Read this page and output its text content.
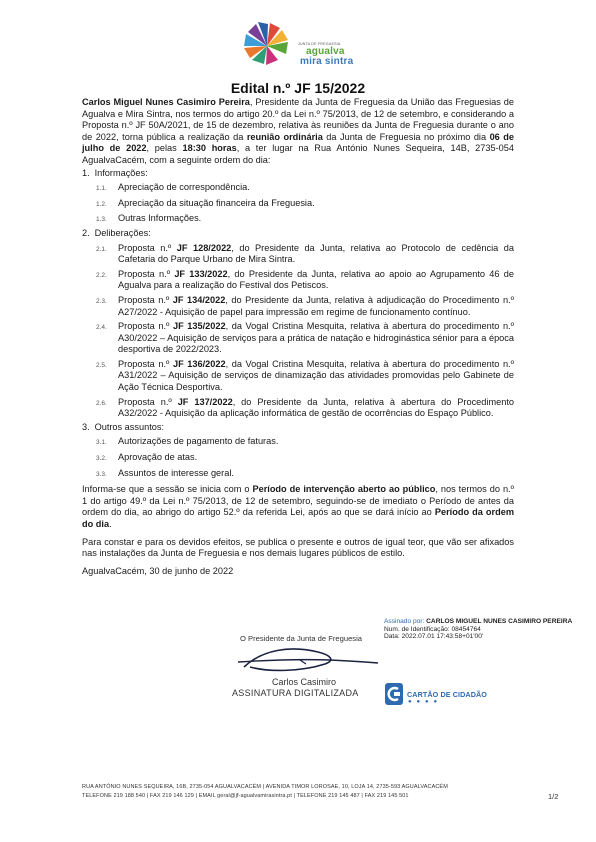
JUNTA DE FREGUESIA
agualva
mira sintra
Edital n.º JF 15/2022

Carlos Miguel Nunes Casimiro Pereira, Presidente da Junta de Freguesia da União das Freguesias de Agualva e Mira Sintra, nos termos do artigo 20.º da Lei n.º 75/2013, de 12 de setembro, e considerando a Proposta n.º JF 50A/2021, de 15 de dezembro, relativa às reuniões da Junta de Freguesia durante o ano de 2022, torna pública a realização da reunião ordinária da Junta de Freguesia no próximo dia 06 de julho de 2022, pelas 18:30 horas, a ter lugar na Rua António Nunes Sequeira, 14B, 2735-054 AgualvaCacém, com a seguinte ordem do dia:

1. Informações:
1.1.	Apreciação de correspondência.
1.2.	Apreciação da situação financeira da Freguesia.
1.3.	Outras Informações.
2. Deliberações:
2.1.	Proposta n.º JF 128/2022, do Presidente da Junta, relativa ao Protocolo de cedência da Cafetaria do Parque Urbano de Mira Sintra.
2.2.	Proposta n.º JF 133/2022, do Presidente da Junta, relativa ao apoio ao Agrupamento 46 de Agualva para a realização do Festival dos Petiscos.
2.3.	Proposta n.º JF 134/2022, do Presidente da Junta, relativa à adjudicação do Procedimento n.º A27/2022 - Aquisição de papel para impressão em regime de funcionamento contínuo.
2.4.	Proposta n.º JF 135/2022, da Vogal Cristina Mesquita, relativa à abertura do procedimento n.º A30/2022 – Aquisição de serviços para a prática de natação e hidroginástica sénior para a época desportiva de 2022/2023.
2.5.	Proposta n.º JF 136/2022, da Vogal Cristina Mesquita, relativa à abertura do procedimento n.º A31/2022 – Aquisição de serviços de dinamização das atividades promovidas pelo Gabinete de Ação Técnica Desportiva.
2.6.	Proposta n.º JF 137/2022, do Presidente da Junta, relativa à abertura do Procedimento A32/2022 - Aquisição da aplicação informática de gestão de ocorrências do Espaço Público.
3. Outros assuntos:
3.1.	Autorizações de pagamento de faturas.
3.2.	Aprovação de atas.
3.3.	Assuntos de interesse geral.

Informa-se que a sessão se inicia com o Período de intervenção aberto ao público, nos termos do n.º 1 do artigo 49.º da Lei n.º 75/2013, de 12 de setembro, seguindo-se de imediato o Período de antes da ordem do dia, ao abrigo do artigo 52.º da referida Lei, após ao que se dará início ao Período da ordem do dia.

Para constar e para os devidos efeitos, se publica o presente e outros de igual teor, que vão ser afixados nas instalações da Junta de Freguesia e nos demais lugares públicos de estilo.

AgualvaCacém, 30 de junho de 2022

O Presidente da Junta de Freguesia
Carlos Casimiro
ASSINATURA DIGITALIZADA
Assinado por: CARLOS MIGUEL NUNES CASIMIRO PEREIRA
Num. de Identificação: 08454764
Data: 2022.07.01 17:43:58+01'00'
CARTÃO DE CIDADÃO
● ● ● ●
RUA ANTÓNIO NUNES SEQUEIRA, 16B, 2735-054 AGUALVACACÉM | AVENIDA TIMOR LOROSAE, 10, LOJA 14, 2735-593 AGUALVACACÉM
TELEFONE 219 188 540 | FAX 219 146 129 | EMAIL geral@jf-agualvamirasintra.pt | TELEFONE 219 145 487 | FAX 219 145 501	1/2
